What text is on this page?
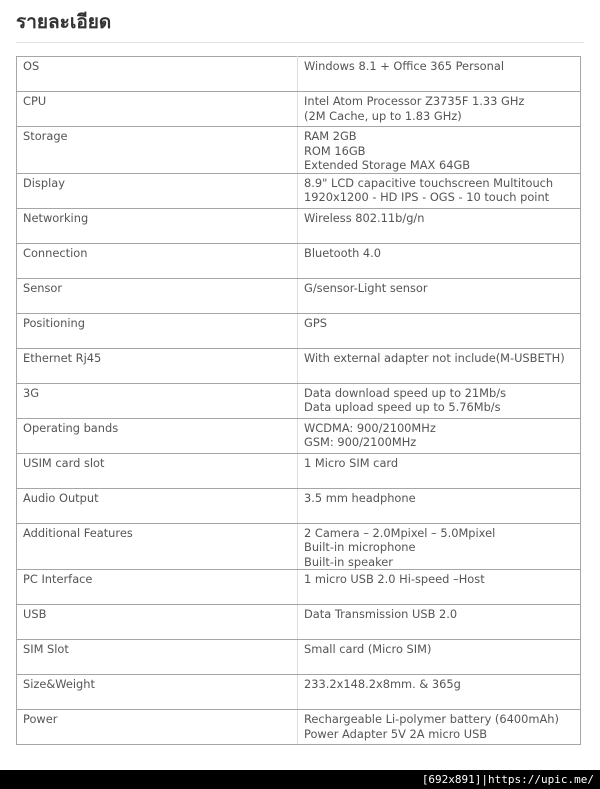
รายละเอียด
OS	Windows 8.1 + Office 365 Personal

CPU	Intel Atom Processor Z3735F 1.33 GHz
(2M Cache, up to 1.83 GHz)

Storage	RAM 2GB
ROM 16GB
Extended Storage MAX 64GB

Display	8.9" LCD capacitive touchscreen Multitouch
1920x1200 - HD IPS - OGS - 10 touch point

Networking	Wireless 802.11b/g/n

Connection	Bluetooth 4.0

Sensor	G/sensor-Light sensor

Positioning	GPS

Ethernet Rj45	With external adapter not include(M-USBETH)

3G	Data download speed up to 21Mb/s
Data upload speed up to 5.76Mb/s

Operating bands	WCDMA: 900/2100MHz
GSM: 900/2100MHz

USIM card slot	1 Micro SIM card

Audio Output	3.5 mm headphone

Additional Features	2 Camera – 2.0Mpixel – 5.0Mpixel
Built-in microphone
Built-in speaker

PC Interface	1 micro USB 2.0 Hi-speed –Host

USB	Data Transmission USB 2.0

SIM Slot	Small card (Micro SIM)

Size&Weight	233.2x148.2x8mm. & 365g

Power	Rechargeable Li-polymer battery (6400mAh)
Power Adapter 5V 2A micro USB
[692x891]|https://upic.me/
